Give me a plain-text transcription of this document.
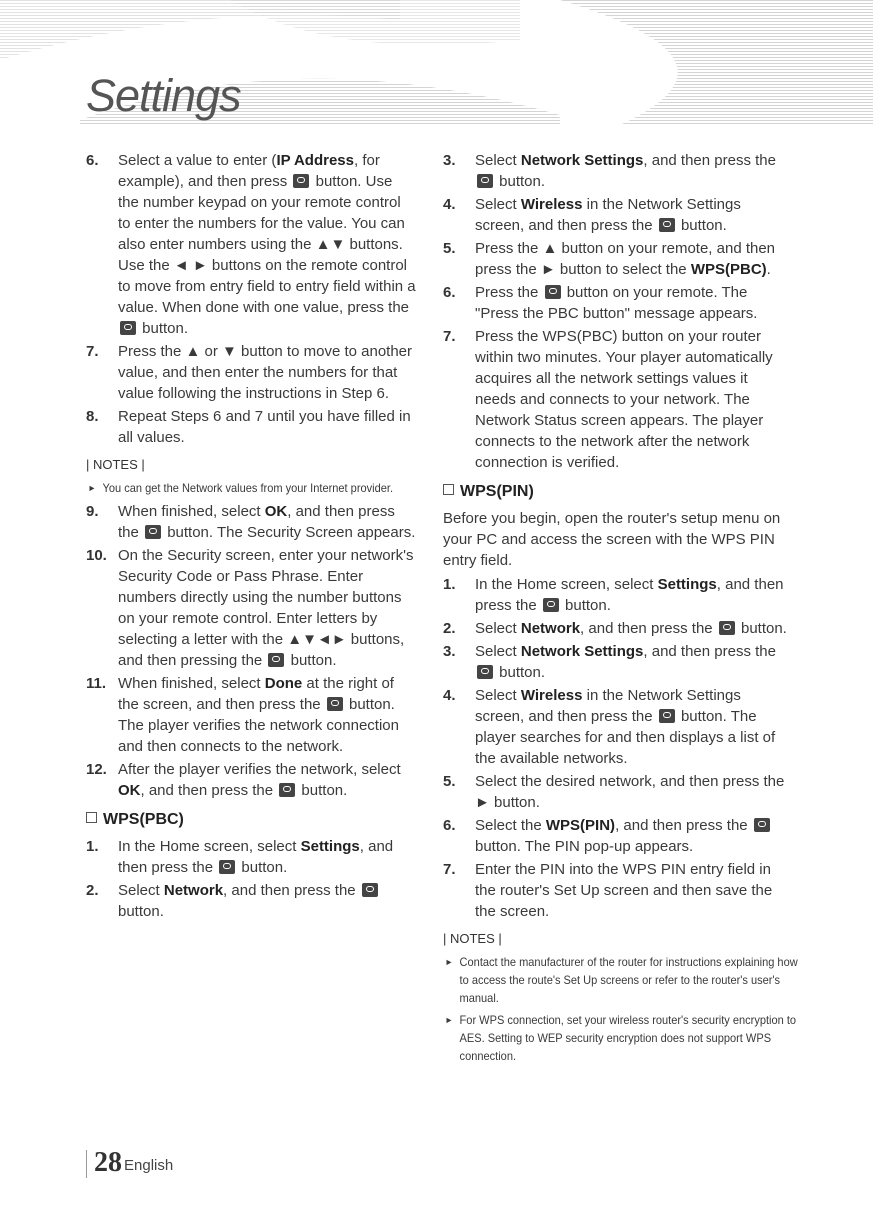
Settings
6. Select a value to enter (IP Address, for example), and then press  button. Use the number keypad on your remote control to enter the numbers for the value. You can also enter numbers using the ▲▼ buttons. Use the ◄ ► buttons on the remote control to move from entry field to entry field within a value. When done with one value, press the  button.
7. Press the ▲ or ▼ button to move to another value, and then enter the numbers for that value following the instructions in Step 6.
8. Repeat Steps 6 and 7 until you have filled in all values.
| NOTES |
► You can get the Network values from your Internet provider.
9. When finished, select OK, and then press the  button. The Security Screen appears.
10. On the Security screen, enter your network's Security Code or Pass Phrase. Enter numbers directly using the number buttons on your remote control. Enter letters by selecting a letter with the ▲▼◄► buttons, and then pressing the  button.
11. When finished, select Done at the right of the screen, and then press the  button. The player verifies the network connection and then connects to the network.
12. After the player verifies the network, select OK, and then press the  button.
WPS(PBC)
1. In the Home screen, select Settings, and then press the  button.
2. Select Network, and then press the  button.
3. Select Network Settings, and then press the  button.
4. Select Wireless in the Network Settings screen, and then press the  button.
5. Press the ▲ button on your remote, and then press the ► button to select the WPS(PBC).
6. Press the  button on your remote. The "Press the PBC button" message appears.
7. Press the WPS(PBC) button on your router within two minutes. Your player automatically acquires all the network settings values it needs and connects to your network. The Network Status screen appears. The player connects to the network after the network connection is verified.
WPS(PIN)
Before you begin, open the router's setup menu on your PC and access the screen with the WPS PIN entry field.
1. In the Home screen, select Settings, and then press the  button.
2. Select Network, and then press the  button.
3. Select Network Settings, and then press the  button.
4. Select Wireless in the Network Settings screen, and then press the  button. The player searches for and then displays a list of the available networks.
5. Select the desired network, and then press the ► button.
6. Select the WPS(PIN), and then press the  button. The PIN pop-up appears.
7. Enter the PIN into the WPS PIN entry field in the router's Set Up screen and then save the the screen.
| NOTES |
► Contact the manufacturer of the router for instructions explaining how to access the route's Set Up screens or refer to the router's user's manual.
► For WPS connection, set your wireless router's security encryption to AES. Setting to WEP security encryption does not support WPS connection.
28 English
